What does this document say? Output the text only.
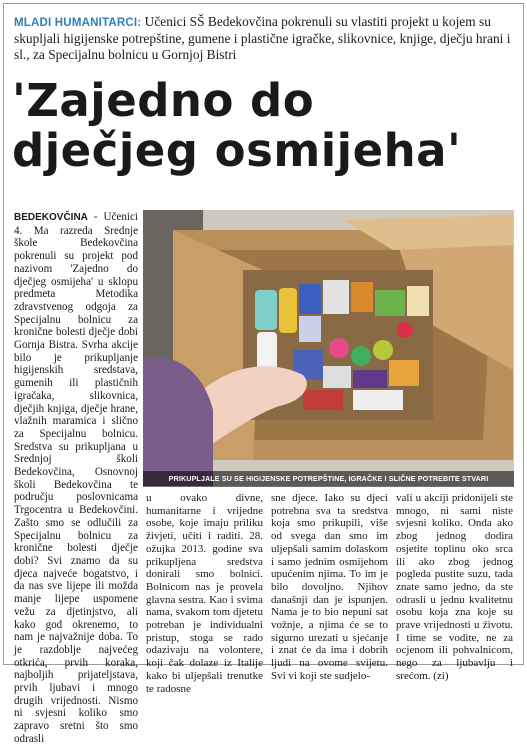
MLADI HUMANITARCI: Učenici SŠ Bedekovčina pokrenuli su vlastiti projekt u kojem su skupljali higijenske potrepštine, gumene i plastične igračke, slikovnice, knjige, dječju hrani i sl., za Specijalnu bolnicu u Gornjoj Bistri
'Zajedno do
dječjeg osmijeha'
BEDEKOVČINA - Učenici 4. Ma razreda Srednje škole Bedekovčina pokrenuli su projekt pod nazivom 'Zajedno do dječjeg osmijeha' u sklopu predmeta Metodika zdravstvenog odgoja za Specijalnu bolnicu za kronične bolesti dječje dobi Gornja Bistra. Svrha akcije bilo je prikupljanje higijenskih sredstava, gumenih ili plastičnih igračaka, slikovnica, dječjih knjiga, dječje hrane, vlažnih maramica i slično za Specijalnu bolnicu. Sredstva su prikupljana u Srednjoj školi Bedekovčina, Osnovnoj školi Bedekovčina te području poslovnicama Trgocentra u Bedekovčini. Zašto smo se odlučili za Specijalnu bolnicu za kronične bolesti dječje dobi? Svi znamo da su djeca najveće bogatstvo, i da nas sve lijepe ili možda manje lijepe uspomene vežu za djetinjstvo, ali kako god okrenemo, to nam je najvažnije doba. To je razdoblje najvećeg otkrića, prvih koraka, najboljih prijateljstava, prvih ljubavi i mnogo drugih vrijednosti. Nismo ni svjesni koliko smo zapravo sretni što smo odrasli
PRIKUPLJALE SU SE HIGIJENSKE POTREPŠTINE, IGRAČKE I SLIČNE POTREBITE STVARI
u ovako divne, humanitarne i vrijedne osobe, koje imaju priliku živjeti, učiti i raditi. 28. ožujka 2013. godine sva prikupljena sredstva donirali smo bolnici. Bolnicom nas je provela glavna sestra. Kao i svima nama, svakom tom djetetu potreban je individualni pristup, stoga se rado odazivaju na volontere, koji čak dolaze iz Italije kako bi uljepšali trenutke te radosne
sne djece. Iako su djeci potrebna sva ta sredstva koja smo prikupili, više od svega dan smo im uljepšali samim dolaskom i samo jednim osmijehom upućenim njima. To im je bilo dovoljno. Njihov današnji dan je ispunjen. Nama je to bio nepuni sat vožnje, a njima će se to sigurno urezati u sjećanje i znat će da ima i dobrih ljudi na ovome svijetu. Svi vi koji ste sudjelo-
vali u akciji pridonijeli ste mnogo, ni sami niste svjesni koliko. Onda ako zbog jednog dodira osjetite toplinu oko srca ili ako zbog jednog pogleda pustite suzu, tada znate samo jedno, da ste odrasli u jednu kvalitetnu osobu koja zna koje su prave vrijednosti u životu. I time se vodite, ne za ocjenom ili pohvalnicom, nego za ljubavlju i srećom. (zi)
